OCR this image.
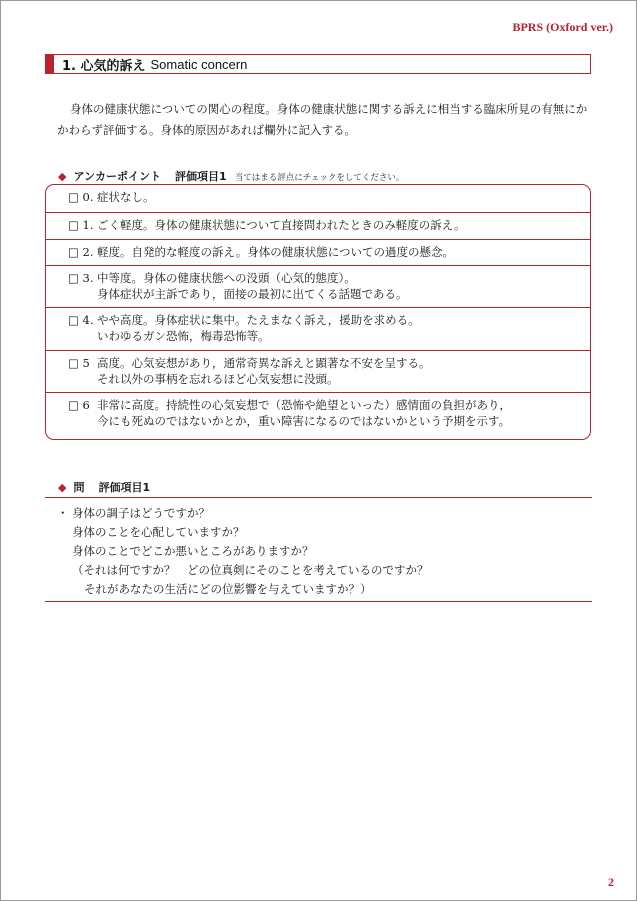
BPRS (Oxford ver.)
1. 心気的訴え Somatic concern
身体の健康状態についての関心の程度。身体の健康状態に関する訴えに相当する臨床所見の有無にかかわらず評価する。身体的原因があれば欄外に記入する。
◆ アンカーポイント 評価項目1 当てはまる評点にチェックをしてください。
□ 0. 症状なし。
□ 1. ごく軽度。身体の健康状態について直接問われたときのみ軽度の訴え。
□ 2. 軽度。自発的な軽度の訴え。身体の健康状態についての過度の懸念。
□ 3. 中等度。身体の健康状態への没頭（心気的態度）。
身体症状が主訴であり，面接の最初に出てくる話題である。
□ 4. やや高度。身体症状に集中。たえまなく訴え，援助を求める。
いわゆるガン恐怖，梅毒恐怖等。
□ 5 高度。心気妄想があり，通常奇異な訴えと顕著な不安を呈する。
それ以外の事柄を忘れるほど心気妄想に没頭。
□ 6 非常に高度。持続性の心気妄想で（恐怖や絶望といった）感情面の負担があり，
今にも死ぬのではないかとか，重い障害になるのではないかという予期を示す。
◆ 問 評価項目1
・ 身体の調子はどうですか？
身体のことを心配していますか？
身体のことでどこか悪いところがありますか？
（それは何ですか？　どの位真剣にそのことを考えているのですか？
それがあなたの生活にどの位影響を与えていますか？）
2
